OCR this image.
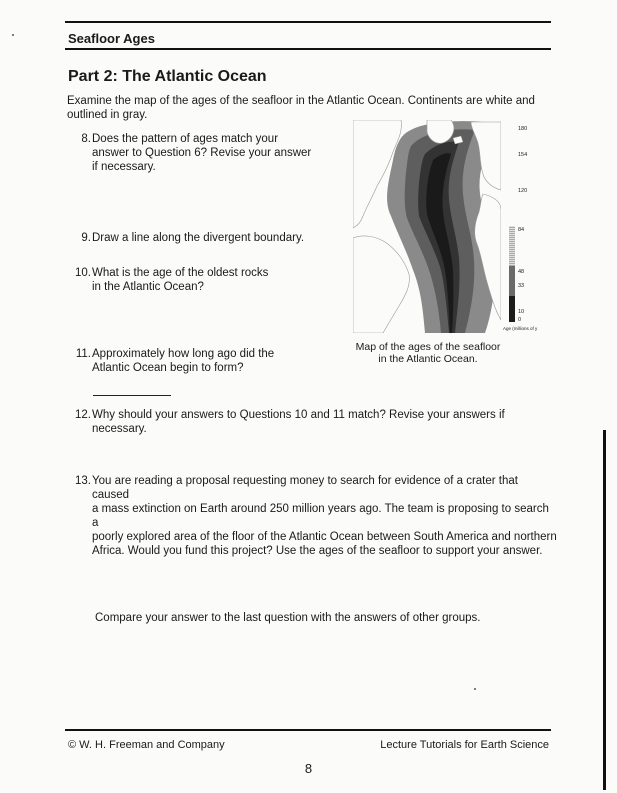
Seafloor Ages
Part 2: The Atlantic Ocean
Examine the map of the ages of the seafloor in the Atlantic Ocean. Continents are white and outlined in gray.
8. Does the pattern of ages match your
answer to Question 6? Revise your answer
if necessary.
9. Draw a line along the divergent boundary.
10. What is the age of the oldest rocks
in the Atlantic Ocean?
11. Approximately how long ago did the
Atlantic Ocean begin to form?
12. Why should your answers to Questions 10 and 11 match? Revise your answers if necessary.
13. You are reading a proposal requesting money to search for evidence of a crater that caused
a mass extinction on Earth around 250 million years ago. The team is proposing to search a
poorly explored area of the floor of the Atlantic Ocean between South America and northern
Africa. Would you fund this project? Use the ages of the seafloor to support your answer.
Compare your answer to the last question with the answers of other groups.
180
154
120
84
48
33
10
0
Age (millions of y
Map of the ages of the seafloor
in the Atlantic Ocean.
© W. H. Freeman and Company	Lecture Tutorials for Earth Science
8
